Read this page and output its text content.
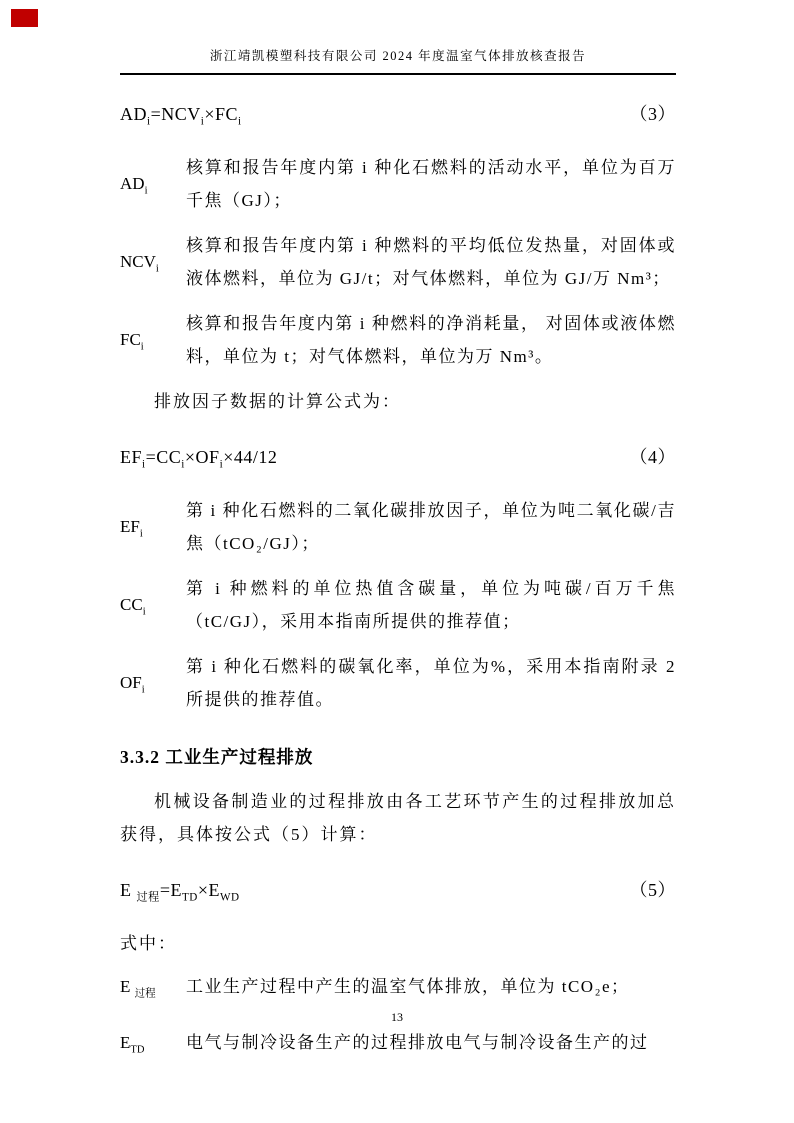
浙江靖凯模塑科技有限公司 2024 年度温室气体排放核查报告
$AD_i=NCV_i\times FC_i$	（3）
$AD_i$
核算和报告年度内第 i 种化石燃料的活动水平，单位为百万千焦（GJ）；
$NCV_i$
核算和报告年度内第 i 种燃料的平均低位发热量，对固体或液体燃料，单位为 GJ/t；对气体燃料，单位为 GJ/万 Nm³；
$FC_i$
核算和报告年度内第 i 种燃料的净消耗量， 对固体或液体燃料，单位为 t；对气体燃料，单位为万 Nm³。

排放因子数据的计算公式为：

$EF_i=CC_i\times OF_i\times 44/12$	（4）
$EF_i$
第 i 种化石燃料的二氧化碳排放因子，单位为吨二氧化碳/吉焦（tCO₂/GJ）；
$CC_i$
第 i 种燃料的单位热值含碳量，单位为吨碳/百万千焦（tC/GJ），采用本指南所提供的推荐值；
$OF_i$
第 i 种化石燃料的碳氧化率，单位为%，采用本指南附录 2 所提供的推荐值。
3.3.2 工业生产过程排放

机械设备制造业的过程排放由各工艺环节产生的过程排放加总获得，具体按公式（5）计算：

E $_{过程}=E_{TD}\times E_{WD}$	（5）

式中：

E $_{过程}$	工业生产过程中产生的温室气体排放，单位为 tCO₂e；
$E_{TD}$	电气与制冷设备生产的过程排放电气与制冷设备生产的过
13
